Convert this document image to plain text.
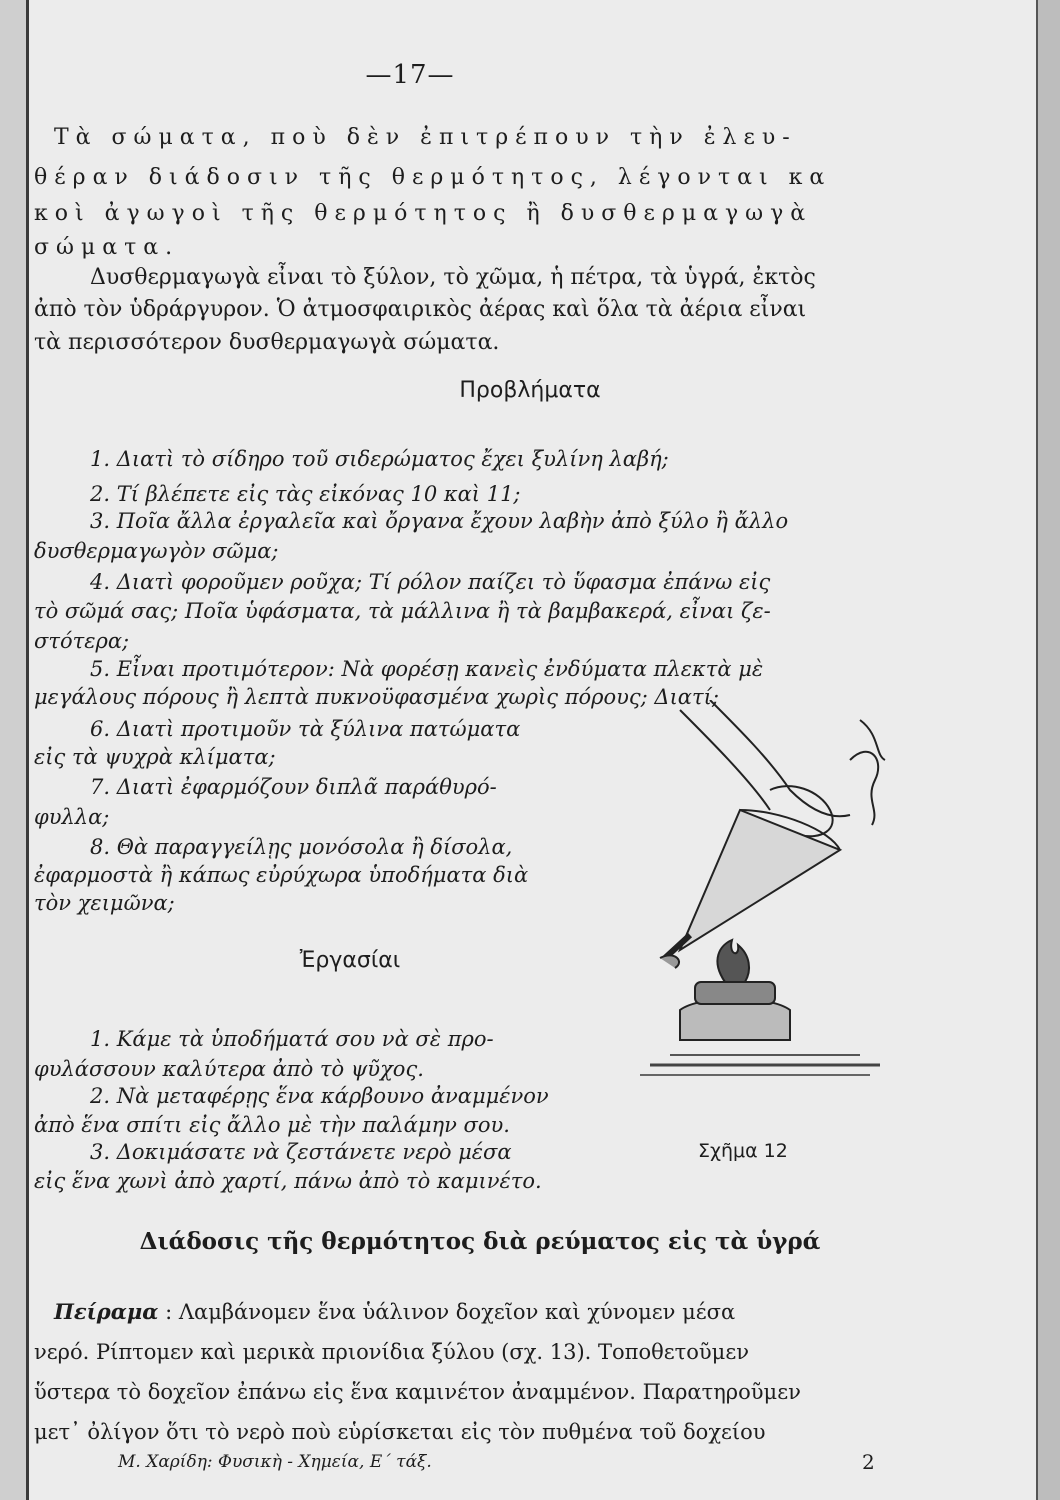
—17—

Τὰ σώματα, ποὺ δὲν ἐπιτρέπουν τὴν ἐλευ-

θέραν διάδοσιν τῆς θερμότητος, λέγονται κα

κοὶ ἀγωγοὶ τῆς θερμότητος ἢ δυσθερμαγωγὰ

σώματα.

Δυσθερμαγωγὰ εἶναι τὸ ξύλον, τὸ χῶμα, ἡ πέτρα, τὰ ὑγρά, ἐκτὸς

ἀπὸ τὸν ὑδράργυρον. Ὁ ἀτμοσφαιρικὸς ἀέρας καὶ ὅλα τὰ ἀέρια εἶναι

τὰ περισσότερον δυσθερμαγωγὰ σώματα.

Προβλήματα

1. Διατὶ τὸ σίδηρο τοῦ σιδερώματος ἔχει ξυλίνη λαβή;

2. Τί βλέπετε εἰς τὰς εἰκόνας 10 καὶ 11;

3. Ποῖα ἄλλα ἐργαλεῖα καὶ ὄργανα ἔχουν λαβὴν ἀπὸ ξύλο ἢ ἄλλο

δυσθερμαγωγὸν σῶμα;

4. Διατὶ φοροῦμεν ροῦχα; Τί ρόλον παίζει τὸ ὕφασμα ἐπάνω εἰς

τὸ σῶμά σας; Ποῖα ὑφάσματα, τὰ μάλλινα ἢ τὰ βαμβακερά, εἶναι ζε-

στότερα;

5. Εἶναι προτιμότερον: Νὰ φορέσῃ κανεὶς ἐνδύματα πλεκτὰ μὲ

μεγάλους πόρους ἢ λεπτὰ πυκνοϋφασμένα χωρὶς πόρους; Διατί;

6. Διατὶ προτιμοῦν τὰ ξύλινα πατώματα

εἰς τὰ ψυχρὰ κλίματα;

7. Διατὶ ἐφαρμόζουν διπλᾶ παράθυρό-

φυλλα;

8. Θὰ παραγγείλῃς μονόσολα ἢ δίσολα,

ἐφαρμοστὰ ἢ κάπως εὐρύχωρα ὑποδήματα διὰ

τὸν χειμῶνα;

Ἐργασίαι

1. Κάμε τὰ ὑποδήματά σου νὰ σὲ προ-

φυλάσσουν καλύτερα ἀπὸ τὸ ψῦχος.

2. Νὰ μεταφέρῃς ἕνα κάρβουνο ἀναμμένον

ἀπὸ ἕνα σπίτι εἰς ἄλλο μὲ τὴν παλάμην σου.

3. Δοκιμάσατε νὰ ζεστάνετε νερὸ μέσα

εἰς ἕνα χωνὶ ἀπὸ χαρτί, πάνω ἀπὸ τὸ καμινέτο.

Σχῆμα 12
Διάδοσις τῆς θερμότητος διὰ ρεύματος εἰς τὰ ὑγρά
Πείραμα : Λαμβάνομεν ἕνα ὑάλινον δοχεῖον καὶ χύνομεν μέσα
νερό. Ρίπτομεν καὶ μερικὰ πριονίδια ξύλου (σχ. 13). Τοποθετοῦμεν
ὕστερα τὸ δοχεῖον ἐπάνω εἰς ἕνα καμινέτον ἀναμμένον. Παρατηροῦμεν
μετ᾿ ὀλίγον ὅτι τὸ νερὸ ποὺ εὑρίσκεται εἰς τὸν πυθμένα τοῦ δοχείου
Μ. Χαρίδη: Φυσικὴ - Χημεία, Ε´ τάξ.	2
